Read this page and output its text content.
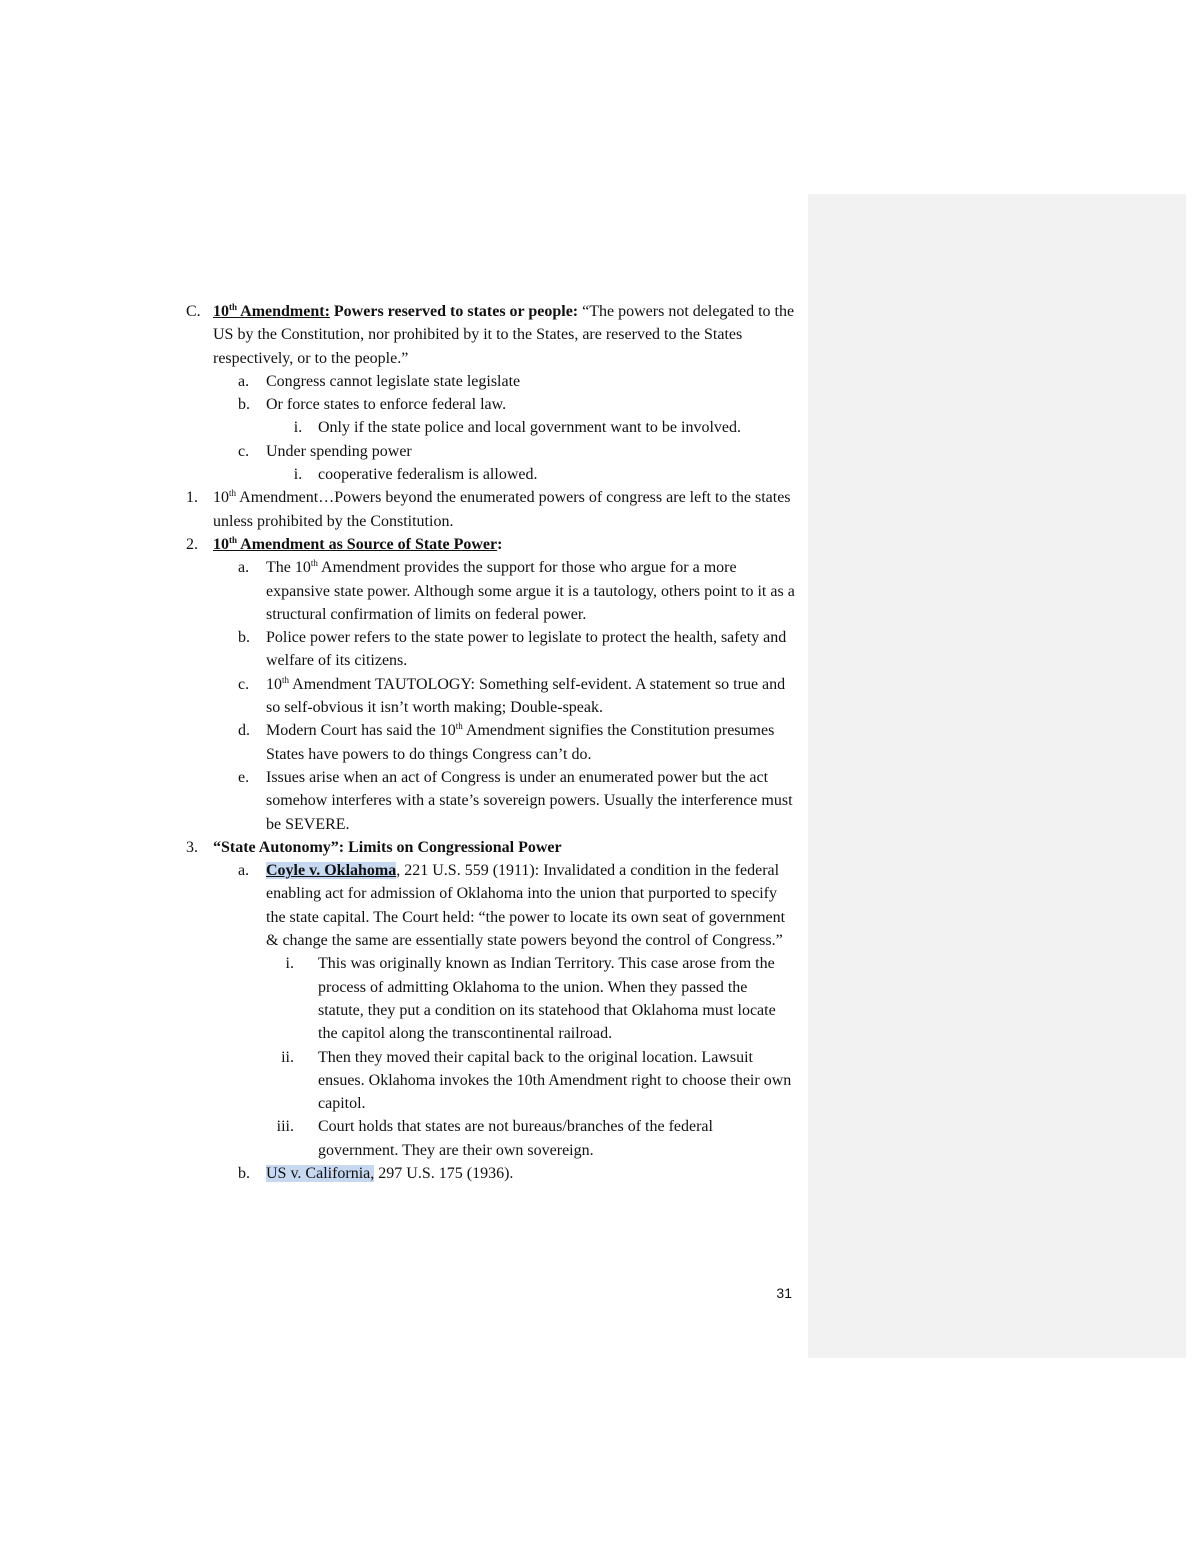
C. 10th Amendment: Powers reserved to states or people: “The powers not delegated to the US by the Constitution, nor prohibited by it to the States, are reserved to the States respectively, or to the people.”
a. Congress cannot legislate state legislate
b. Or force states to enforce federal law.
i. Only if the state police and local government want to be involved.
c. Under spending power
i. cooperative federalism is allowed.
1. 10th Amendment…Powers beyond the enumerated powers of congress are left to the states unless prohibited by the Constitution.
2. 10th Amendment as Source of State Power:
a. The 10th Amendment provides the support for those who argue for a more expansive state power. Although some argue it is a tautology, others point to it as a structural confirmation of limits on federal power.
b. Police power refers to the state power to legislate to protect the health, safety and welfare of its citizens.
c. 10th Amendment TAUTOLOGY: Something self-evident. A statement so true and so self-obvious it isn’t worth making; Double-speak.
d. Modern Court has said the 10th Amendment signifies the Constitution presumes States have powers to do things Congress can’t do.
e. Issues arise when an act of Congress is under an enumerated power but the act somehow interferes with a state’s sovereign powers. Usually the interference must be SEVERE.
3. “State Autonomy”: Limits on Congressional Power
a. Coyle v. Oklahoma, 221 U.S. 559 (1911): Invalidated a condition in the federal enabling act for admission of Oklahoma into the union that purported to specify the state capital. The Court held: “the power to locate its own seat of government & change the same are essentially state powers beyond the control of Congress.”
i. This was originally known as Indian Territory. This case arose from the process of admitting Oklahoma to the union. When they passed the statute, they put a condition on its statehood that Oklahoma must locate the capitol along the transcontinental railroad.
ii. Then they moved their capital back to the original location. Lawsuit ensues. Oklahoma invokes the 10th Amendment right to choose their own capitol.
iii. Court holds that states are not bureaus/branches of the federal government. They are their own sovereign.
b. US v. California, 297 U.S. 175 (1936).
31
